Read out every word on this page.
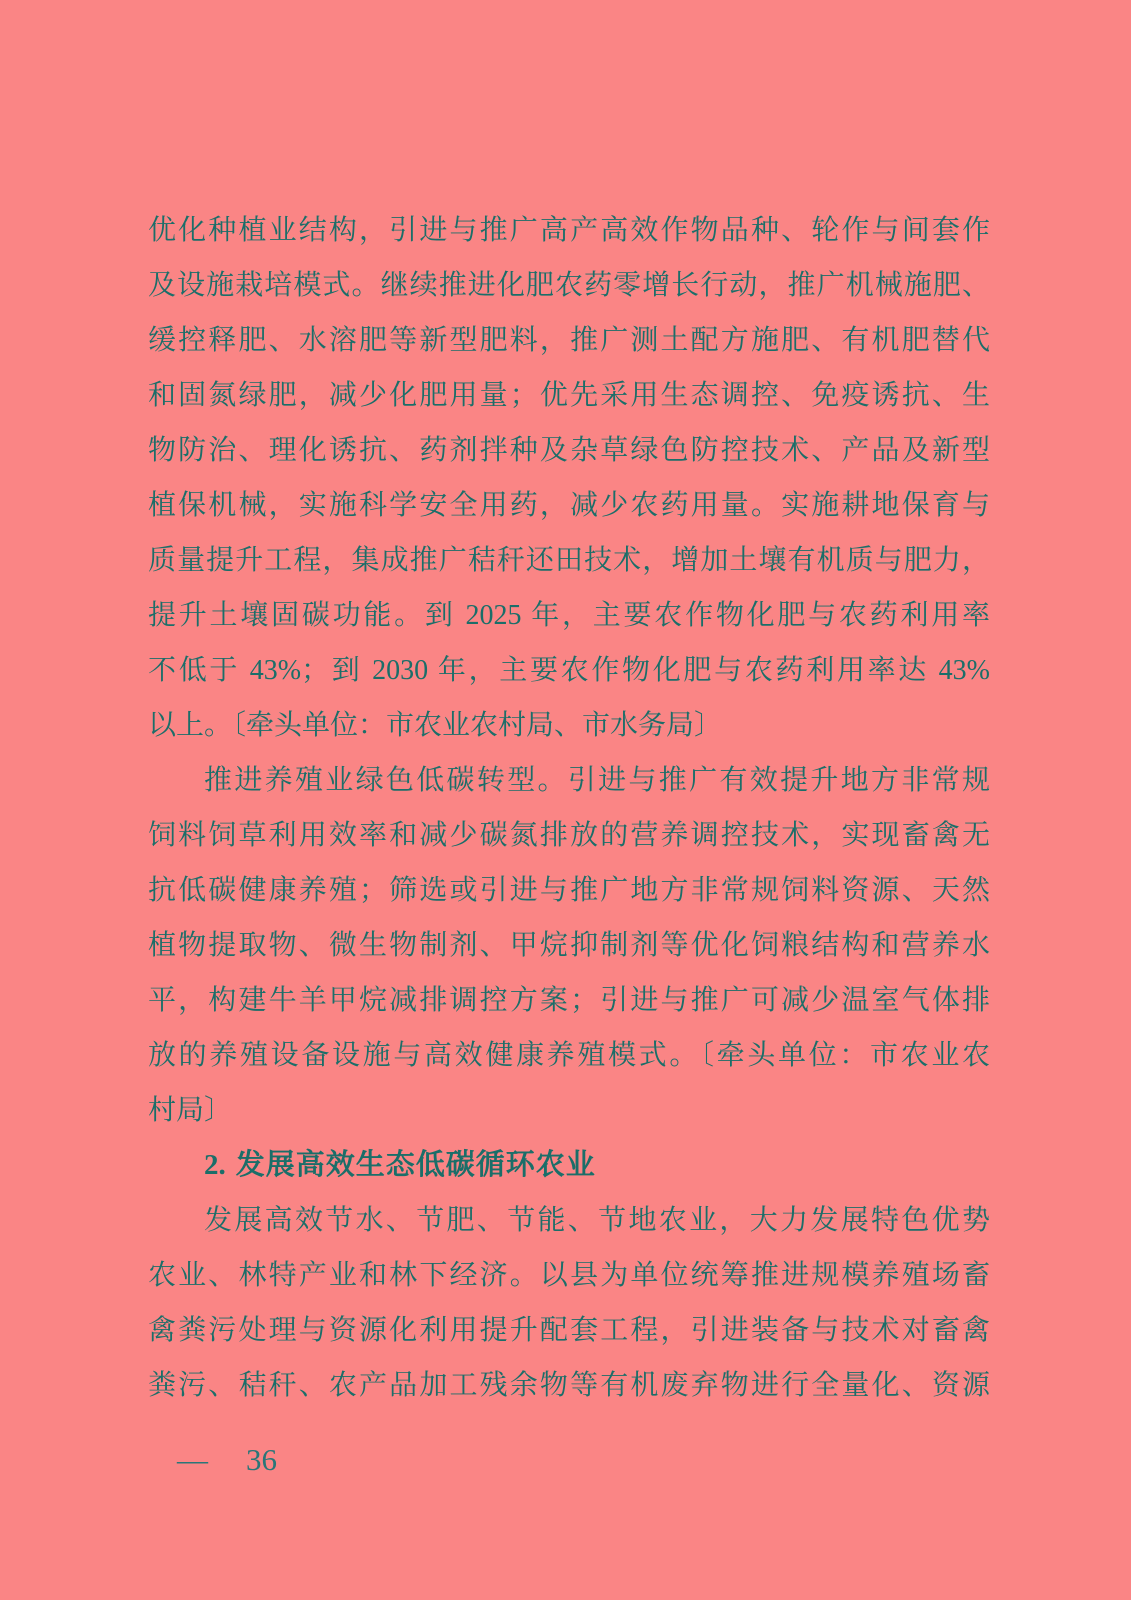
优化种植业结构，引进与推广高产高效作物品种、轮作与间套作
及设施栽培模式。继续推进化肥农药零增长行动，推广机械施肥、
缓控释肥、水溶肥等新型肥料，推广测土配方施肥、有机肥替代
和固氮绿肥，减少化肥用量；优先采用生态调控、免疫诱抗、生
物防治、理化诱抗、药剂拌种及杂草绿色防控技术、产品及新型
植保机械，实施科学安全用药，减少农药用量。实施耕地保育与
质量提升工程，集成推广秸秆还田技术，增加土壤有机质与肥力，
提升土壤固碳功能。到 2025 年，主要农作物化肥与农药利用率
不低于 43%；到 2030 年，主要农作物化肥与农药利用率达 43%
以上。〔牵头单位：市农业农村局、市水务局〕
推进养殖业绿色低碳转型。引进与推广有效提升地方非常规
饲料饲草利用效率和减少碳氮排放的营养调控技术，实现畜禽无
抗低碳健康养殖；筛选或引进与推广地方非常规饲料资源、天然
植物提取物、微生物制剂、甲烷抑制剂等优化饲粮结构和营养水
平，构建牛羊甲烷减排调控方案；引进与推广可减少温室气体排
放的养殖设备设施与高效健康养殖模式。〔牵头单位：市农业农
村局〕
2. 发展高效生态低碳循环农业
发展高效节水、节肥、节能、节地农业，大力发展特色优势
农业、林特产业和林下经济。以县为单位统筹推进规模养殖场畜
禽粪污处理与资源化利用提升配套工程，引进装备与技术对畜禽
粪污、秸秆、农产品加工残余物等有机废弃物进行全量化、资源
— 36
